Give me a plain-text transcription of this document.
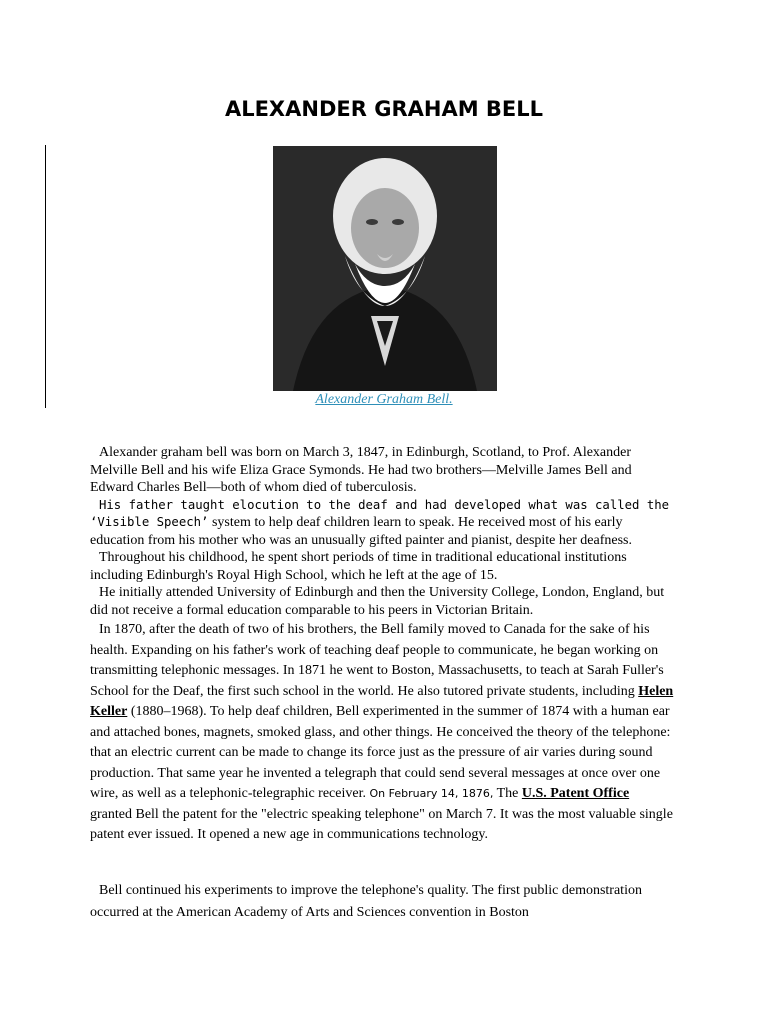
ALEXANDER GRAHAM BELL
Alexander Graham Bell.

Alexander graham bell was born on March 3, 1847, in Edinburgh, Scotland, to Prof. Alexander Melville Bell and his wife Eliza Grace Symonds. He had two brothers—Melville James Bell and Edward Charles Bell—both of whom died of tuberculosis.

His father taught elocution to the deaf and had developed what was called the ‘Visible Speech’ system to help deaf children learn to speak. He received most of his early education from his mother who was an unusually gifted painter and pianist, despite her deafness.

Throughout his childhood, he spent short periods of time in traditional educational institutions including Edinburgh's Royal High School, which he left at the age of 15.

He initially attended University of Edinburgh and then the University College, London, England, but did not receive a formal education comparable to his peers in Victorian Britain.

In 1870, after the death of two of his brothers, the Bell family moved to Canada for the sake of his health. Expanding on his father's work of teaching deaf people to communicate, he began working on transmitting telephonic messages. In 1871 he went to Boston, Massachusetts, to teach at Sarah Fuller's School for the Deaf, the first such school in the world. He also tutored private students, including Helen Keller (1880–1968). To help deaf children, Bell experimented in the summer of 1874 with a human ear and attached bones, magnets, smoked glass, and other things. He conceived the theory of the telephone: that an electric current can be made to change its force just as the pressure of air varies during sound production. That same year he invented a telegraph that could send several messages at once over one wire, as well as a telephonic-telegraphic receiver. On February 14, 1876, The U.S. Patent Office granted Bell the patent for the "electric speaking telephone" on March 7. It was the most valuable single patent ever issued. It opened a new age in communications technology.

Bell continued his experiments to improve the telephone's quality. The first public demonstration occurred at the American Academy of Arts and Sciences convention in Boston
